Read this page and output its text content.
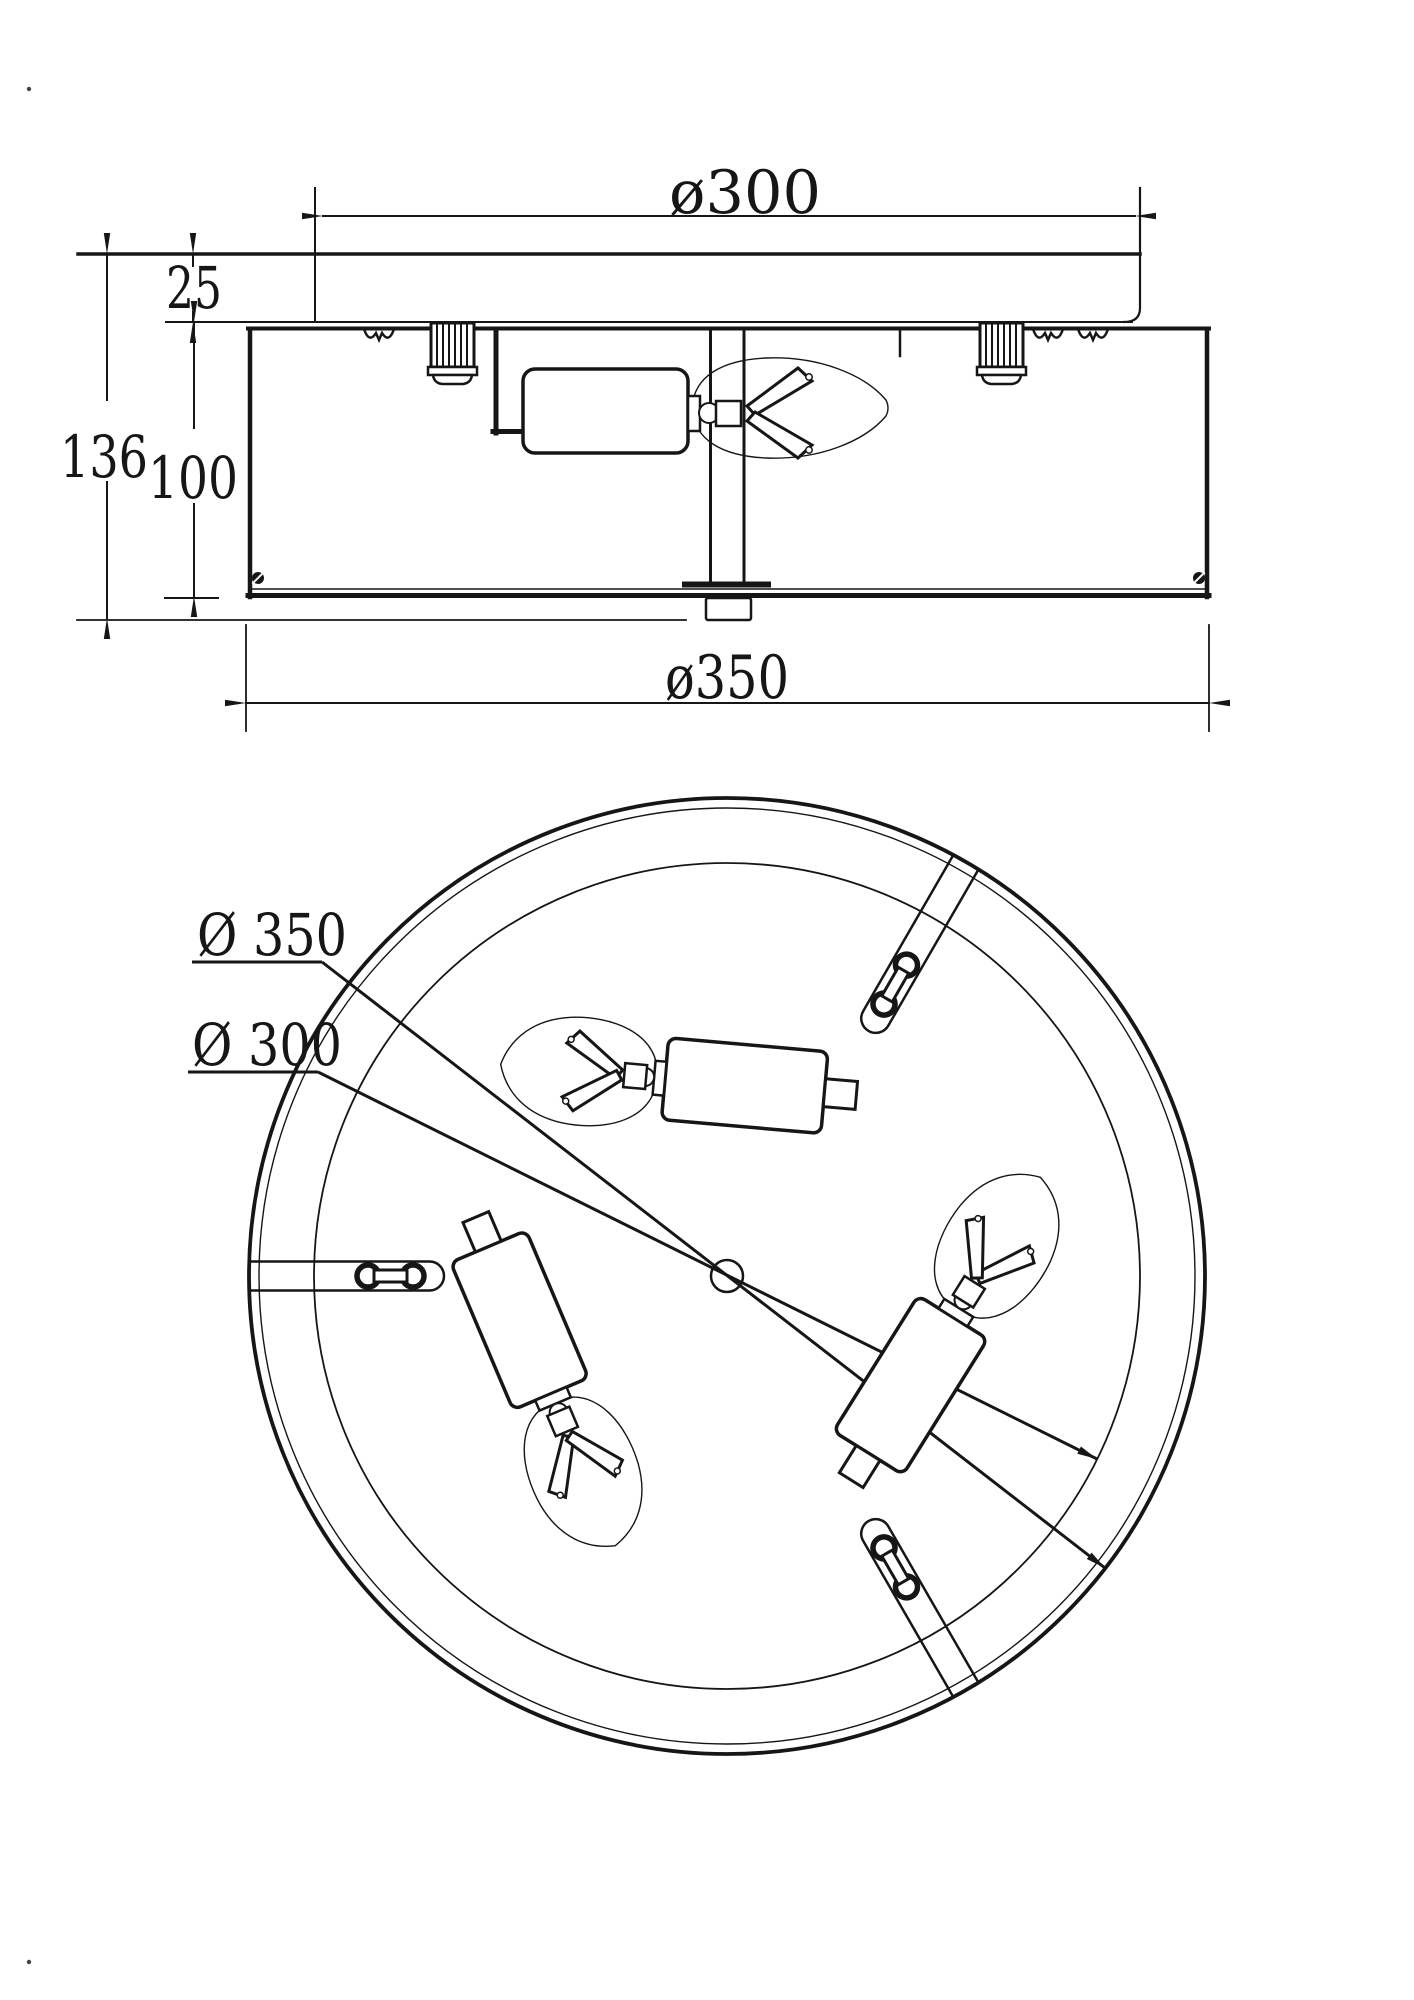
ø300
25
136 100
ø350
Ø 350
Ø 300
